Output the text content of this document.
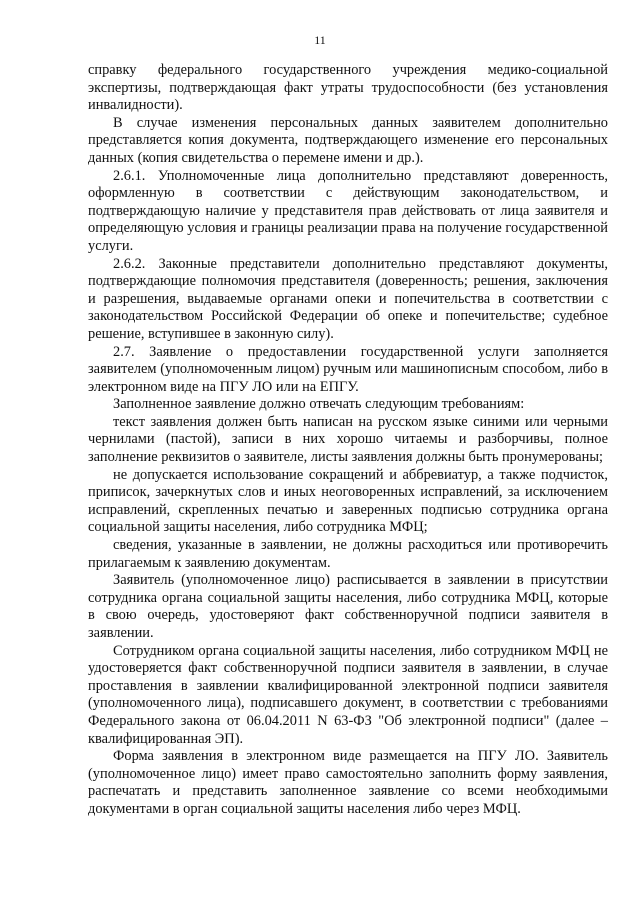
11

справку федерального государственного учреждения медико-социальной экспертизы, подтверждающая факт утраты трудоспособности (без установления инвалидности).

В случае изменения персональных данных заявителем дополнительно представляется копия документа, подтверждающего изменение его персональных данных (копия свидетельства о перемене имени и др.).

2.6.1. Уполномоченные лица дополнительно представляют доверенность, оформленную в соответствии с действующим законодательством, и подтверждающую наличие у представителя прав действовать от лица заявителя и определяющую условия и границы реализации права на получение государственной услуги.

2.6.2. Законные представители дополнительно представляют документы, подтверждающие полномочия представителя (доверенность; решения, заключения и разрешения, выдаваемые органами опеки и попечительства в соответствии с законодательством Российской Федерации об опеке и попечительстве; судебное решение, вступившее в законную силу).

2.7. Заявление о предоставлении государственной услуги заполняется заявителем (уполномоченным лицом) ручным или машинописным способом, либо в электронном виде на ПГУ ЛО или на ЕПГУ.

Заполненное заявление должно отвечать следующим требованиям:

текст заявления должен быть написан на русском языке синими или черными чернилами (пастой), записи в них хорошо читаемы и разборчивы, полное заполнение реквизитов о заявителе, листы заявления должны быть пронумерованы;

не допускается использование сокращений и аббревиатур, а также подчисток, приписок, зачеркнутых слов и иных неоговоренных исправлений, за исключением исправлений, скрепленных печатью и заверенных подписью сотрудника органа социальной защиты населения, либо сотрудника МФЦ;

сведения, указанные в заявлении, не должны расходиться или противоречить прилагаемым к заявлению документам.

Заявитель (уполномоченное лицо) расписывается в заявлении в присутствии сотрудника органа социальной защиты населения, либо сотрудника МФЦ, которые в свою очередь, удостоверяют факт собственноручной подписи заявителя в заявлении.

Сотрудником органа социальной защиты населения, либо сотрудником МФЦ не удостоверяется факт собственноручной подписи заявителя в заявлении, в случае проставления в заявлении квалифицированной электронной подписи заявителя (уполномоченного лица), подписавшего документ, в соответствии с требованиями Федерального закона от 06.04.2011 N 63-ФЗ "Об электронной подписи" (далее – квалифицированная ЭП).

Форма заявления в электронном виде размещается на ПГУ ЛО. Заявитель (уполномоченное лицо) имеет право самостоятельно заполнить форму заявления, распечатать и представить заполненное заявление со всеми необходимыми документами в орган социальной защиты населения либо через МФЦ.
